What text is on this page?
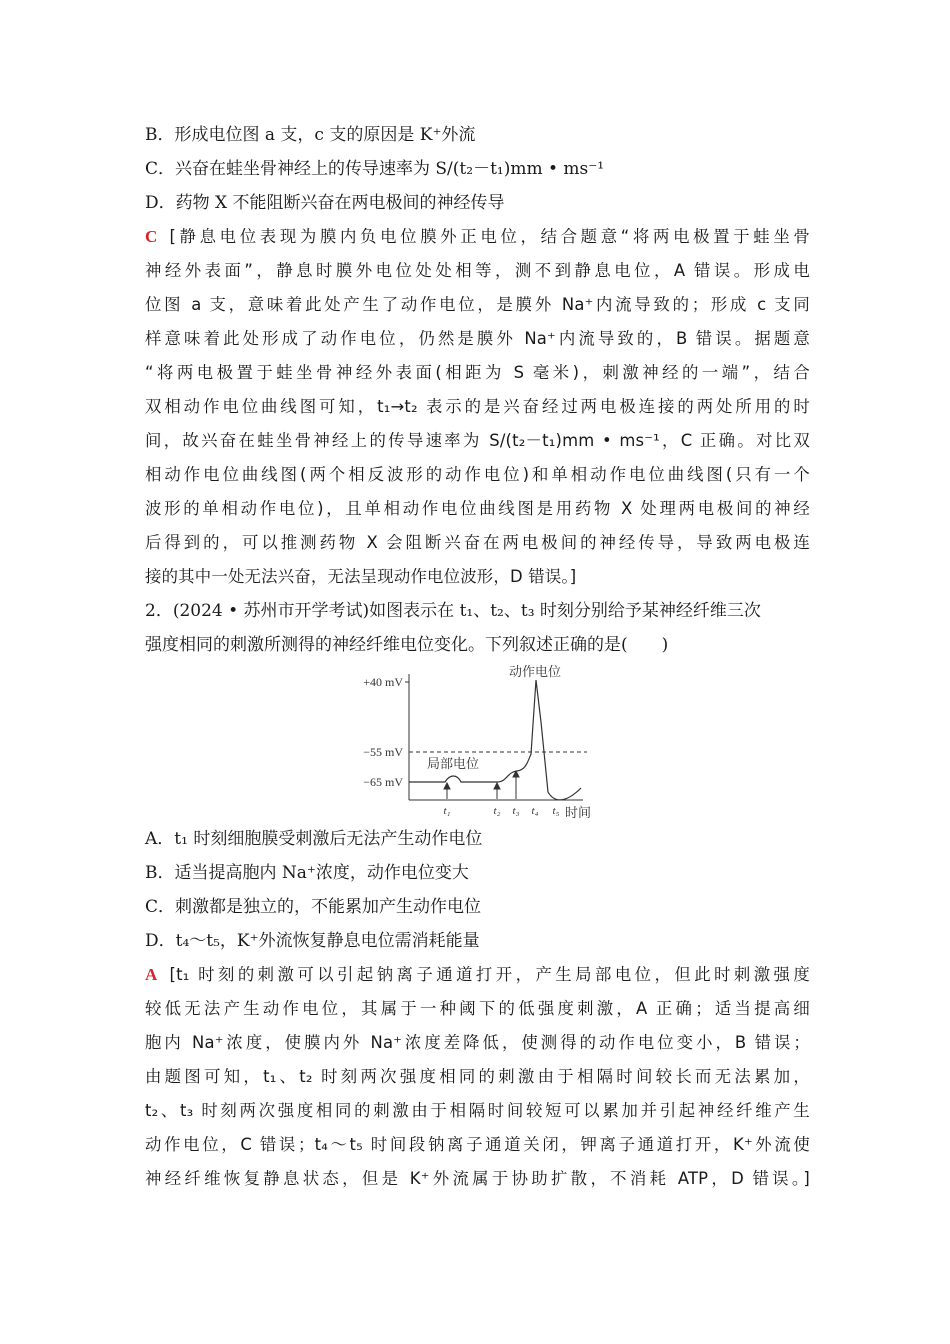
B．形成电位图 a 支，c 支的原因是 K⁺外流
C．兴奋在蛙坐骨神经上的传导速率为 S/(t₂－t₁)mm • ms⁻¹
D．药物 X 不能阻断兴奋在两电极间的神经传导
C [静息电位表现为膜内负电位膜外正电位，结合题意“将两电极置于蛙坐骨
神经外表面”，静息时膜外电位处处相等，测不到静息电位，A 错误。形成电
位图 a 支，意味着此处产生了动作电位，是膜外 Na⁺内流导致的；形成 c 支同
样意味着此处形成了动作电位，仍然是膜外 Na⁺内流导致的，B 错误。据题意
“将两电极置于蛙坐骨神经外表面(相距为 S 毫米)，刺激神经的一端”，结合
双相动作电位曲线图可知，t₁→t₂ 表示的是兴奋经过两电极连接的两处所用的时
间，故兴奋在蛙坐骨神经上的传导速率为 S/(t₂－t₁)mm • ms⁻¹，C 正确。对比双
相动作电位曲线图(两个相反波形的动作电位)和单相动作电位曲线图(只有一个
波形的单相动作电位)，且单相动作电位曲线图是用药物 X 处理两电极间的神经
后得到的，可以推测药物 X 会阻断兴奋在两电极间的神经传导，导致两电极连
接的其中一处无法兴奋，无法呈现动作电位波形，D 错误。]
2．(2024 • 苏州市开学考试)如图表示在 t₁、t₂、t₃ 时刻分别给予某神经纤维三次
强度相同的刺激所测得的神经纤维电位变化。下列叙述正确的是(　　)
+40 mV
−55 mV
−65 mV
动作电位
局部电位
t₁	t₂ t₃ t₄ t₅ 时间
A．t₁ 时刻细胞膜受刺激后无法产生动作电位
B．适当提高胞内 Na⁺浓度，动作电位变大
C．刺激都是独立的，不能累加产生动作电位
D．t₄～t₅，K⁺外流恢复静息电位需消耗能量
A [t₁ 时刻的刺激可以引起钠离子通道打开，产生局部电位，但此时刺激强度
较低无法产生动作电位，其属于一种阈下的低强度刺激，A 正确；适当提高细
胞内 Na⁺浓度，使膜内外 Na⁺浓度差降低，使测得的动作电位变小，B 错误；
由题图可知，t₁、t₂ 时刻两次强度相同的刺激由于相隔时间较长而无法累加，
t₂、t₃ 时刻两次强度相同的刺激由于相隔时间较短可以累加并引起神经纤维产生
动作电位，C 错误；t₄～t₅ 时间段钠离子通道关闭，钾离子通道打开，K⁺外流使
神经纤维恢复静息状态，但是 K⁺外流属于协助扩散，不消耗 ATP，D 错误。]
